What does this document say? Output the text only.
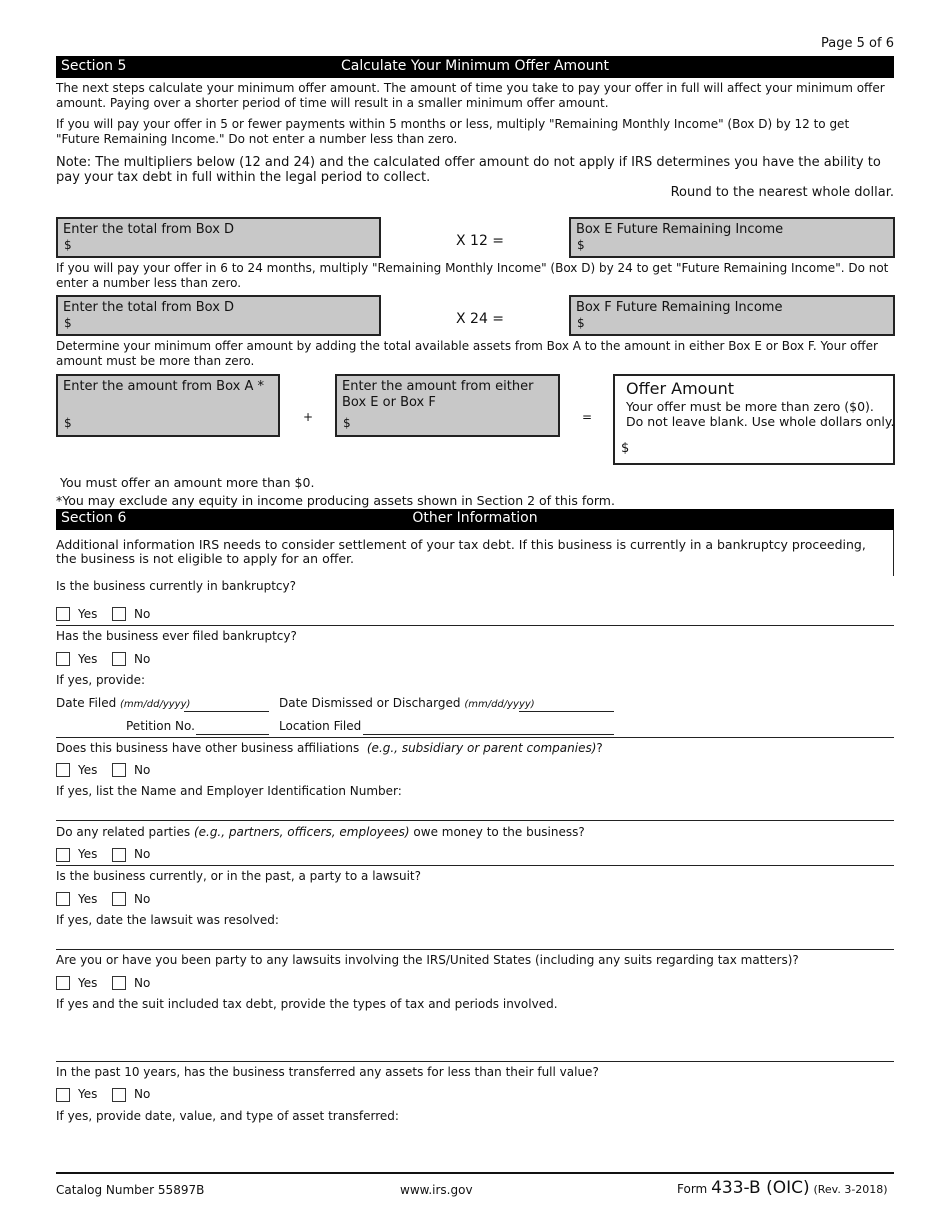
Page 5 of 6
Section 5	Calculate Your Minimum Offer Amount
The next steps calculate your minimum offer amount. The amount of time you take to pay your offer in full will affect your minimum offer amount. Paying over a shorter period of time will result in a smaller minimum offer amount.
If you will pay your offer in 5 or fewer payments within 5 months or less, multiply "Remaining Monthly Income" (Box D) by 12 to get "Future Remaining Income." Do not enter a number less than zero.
Note: The multipliers below (12 and 24) and the calculated offer amount do not apply if IRS determines you have the ability to pay your tax debt in full within the legal period to collect.
Round to the nearest whole dollar.
Enter the total from Box D
$	X 12 =
Box E Future Remaining Income
$
If you will pay your offer in 6 to 24 months, multiply "Remaining Monthly Income" (Box D) by 24 to get "Future Remaining Income". Do not enter a number less than zero.
Enter the total from Box D
$	X 24 =
Box F Future Remaining Income
$
Determine your minimum offer amount by adding the total available assets from Box A to the amount in either Box E or Box F. Your offer amount must be more than zero.
Enter the amount from Box A *
$	+
Enter the amount from either Box E or Box F
$	=
Offer Amount
Your offer must be more than zero ($0).
Do not leave blank. Use whole dollars only.
$
You must offer an amount more than $0.
*You may exclude any equity in income producing assets shown in Section 2 of this form.
Section 6	Other Information
Additional information IRS needs to consider settlement of your tax debt. If this business is currently in a bankruptcy proceeding, the business is not eligible to apply for an offer.
Is the business currently in bankruptcy?
Yes	No
Has the business ever filed bankruptcy?
Yes	No
If yes, provide:
Date Filed (mm/dd/yyyy)	Date Dismissed or Discharged (mm/dd/yyyy)
Petition No.	Location Filed
Does this business have other business affiliations (e.g., subsidiary or parent companies)?
Yes	No
If yes, list the Name and Employer Identification Number:
Do any related parties (e.g., partners, officers, employees) owe money to the business?
Yes	No
Is the business currently, or in the past, a party to a lawsuit?
Yes	No
If yes, date the lawsuit was resolved:
Are you or have you been party to any lawsuits involving the IRS/United States (including any suits regarding tax matters)?
Yes	No
If yes and the suit included tax debt, provide the types of tax and periods involved.
In the past 10 years, has the business transferred any assets for less than their full value?
Yes	No
If yes, provide date, value, and type of asset transferred:
Catalog Number 55897B	www.irs.gov	Form 433-B (OIC) (Rev. 3-2018)
